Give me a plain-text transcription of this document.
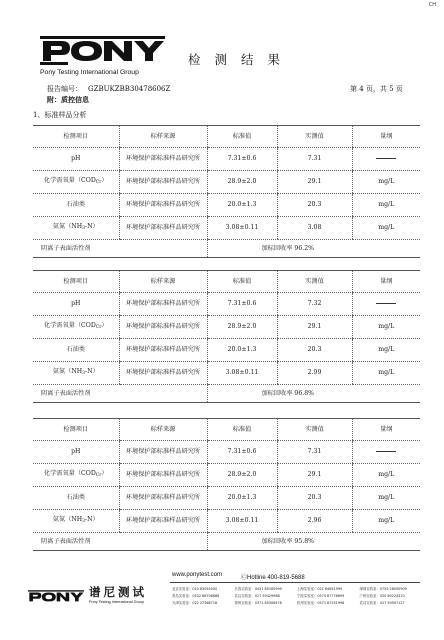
CH
Pony Testing International Group
检 测 结 果
报告编号： GZBUKZBB30478606Z	第 4 页，共 5 页
附：质控信息
1、标准样品分析
检测项目	标样来源	标准值	实测值	量纲
pH	环境保护部标准样品研究所	7.31±0.6	7.31	
化学需氧量$(COD_{Cr})$	环境保护部标准样品研究所	28.9±2.0	29.1	mg/L
石油类	环境保护部标准样品研究所	20.0±1.3	20.3	mg/L
氨氮$(NH_3-N)$	环境保护部标准样品研究所	3.08±0.11	3.08	mg/L
阴离子表面活性剂		加标回收率 96.2%		
检测项目	标样来源	标准值	实测值	量纲
pH	环境保护部标准样品研究所	7.31±0.6	7.32	
化学需氧量$(COD_{Cr})$	环境保护部标准样品研究所	28.9±2.0	29.1	mg/L
石油类	环境保护部标准样品研究所	20.0±1.3	20.3	mg/L
氨氮$(NH_3-N)$	环境保护部标准样品研究所	3.08±0.11	2.99	mg/L
阴离子表面活性剂		加标回收率 96.8%		
检测项目	标样来源	标准值	实测值	量纲
pH	环境保护部标准样品研究所	7.31±0.6	7.31	
化学需氧量$(COD_{Cr})$	环境保护部标准样品研究所	28.9±2.0	29.1	mg/L
石油类	环境保护部标准样品研究所	20.0±1.3	20.3	mg/L
氨氮$(NH_3-N)$	环境保护部标准样品研究所	3.08±0.11	2.96	mg/L
阴离子表面活性剂		加标回收率 95.8%		
www.ponytest.com	ⒸHotline 400-819-5688
谱尼测试
Pony Testing International Group
北京实验室：010 83055000	长春实验室：0431 85185999	上海实验室：021 64851999	深圳实验室：0755 26050909
青岛实验室：0532 88706866	武汉实验室：027 59429968	宁波实验室：0574 87776699	广州实验室：020 89224310
天津实验室：022 27368718	郑州实验室：0371 65506476	杭州实验室：0571 87251996	武汉实验室：027 59597127
